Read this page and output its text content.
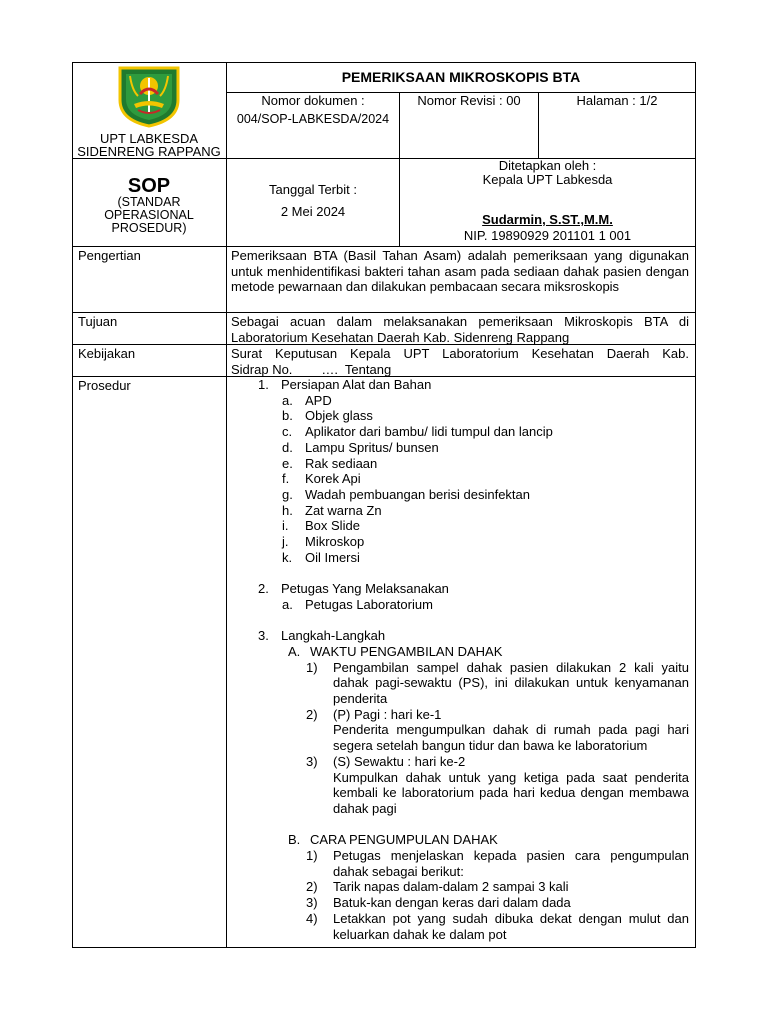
UPT LABKESDA
SIDENRENG RAPPANG
PEMERIKSAAN MIKROSKOPIS BTA
Nomor dokumen :
004/SOP-LABKESDA/2024
Nomor Revisi : 00	Halaman : 1/2
SOP
(STANDAR
OPERASIONAL
PROSEDUR)
Tanggal Terbit :
2 Mei 2024
Ditetapkan oleh :
Kepala UPT Labkesda
Sudarmin, S.ST.,M.M.
NIP. 19890929 201101 1 001
Pengertian	Pemeriksaan BTA (Basil Tahan Asam) adalah pemeriksaan yang digunakan untuk menhidentifikasi bakteri tahan asam pada sediaan dahak pasien dengan metode pewarnaan dan dilakukan pembacaan secara miksroskopis
Tujuan	Sebagai acuan dalam melaksanakan pemeriksaan Mikroskopis BTA di Laboratorium Kesehatan Daerah Kab. Sidenreng Rappang
Kebijakan	Surat Keputusan Kepala UPT Laboratorium Kesehatan Daerah Kab.
Sidrap No.        ….  Tentang
Prosedur	1. Persiapan Alat dan Bahan
a. APD
b. Objek glass
c. Aplikator dari bambu/ lidi tumpul dan lancip
d. Lampu Spritus/ bunsen
e. Rak sediaan
f. Korek Api
g. Wadah pembuangan berisi desinfektan
h. Zat warna Zn
i. Box Slide
j. Mikroskop
k. Oil Imersi
2. Petugas Yang Melaksanakan
a. Petugas Laboratorium
3. Langkah-Langkah
A. WAKTU PENGAMBILAN DAHAK
1) Pengambilan sampel dahak pasien dilakukan 2 kali yaitu dahak pagi-sewaktu (PS), ini dilakukan untuk kenyamanan penderita
2) (P) Pagi : hari ke-1
Penderita mengumpulkan dahak di rumah pada pagi hari segera setelah bangun tidur dan bawa ke laboratorium
3) (S) Sewaktu : hari ke-2
Kumpulkan dahak untuk yang ketiga pada saat penderita kembali ke laboratorium pada hari kedua dengan membawa dahak pagi
B. CARA PENGUMPULAN DAHAK
1) Petugas menjelaskan kepada pasien cara pengumpulan dahak sebagai berikut:
2) Tarik napas dalam-dalam 2 sampai 3 kali
3) Batuk-kan dengan keras dari dalam dada
4) Letakkan pot yang sudah dibuka dekat dengan mulut dan keluarkan dahak ke dalam pot
